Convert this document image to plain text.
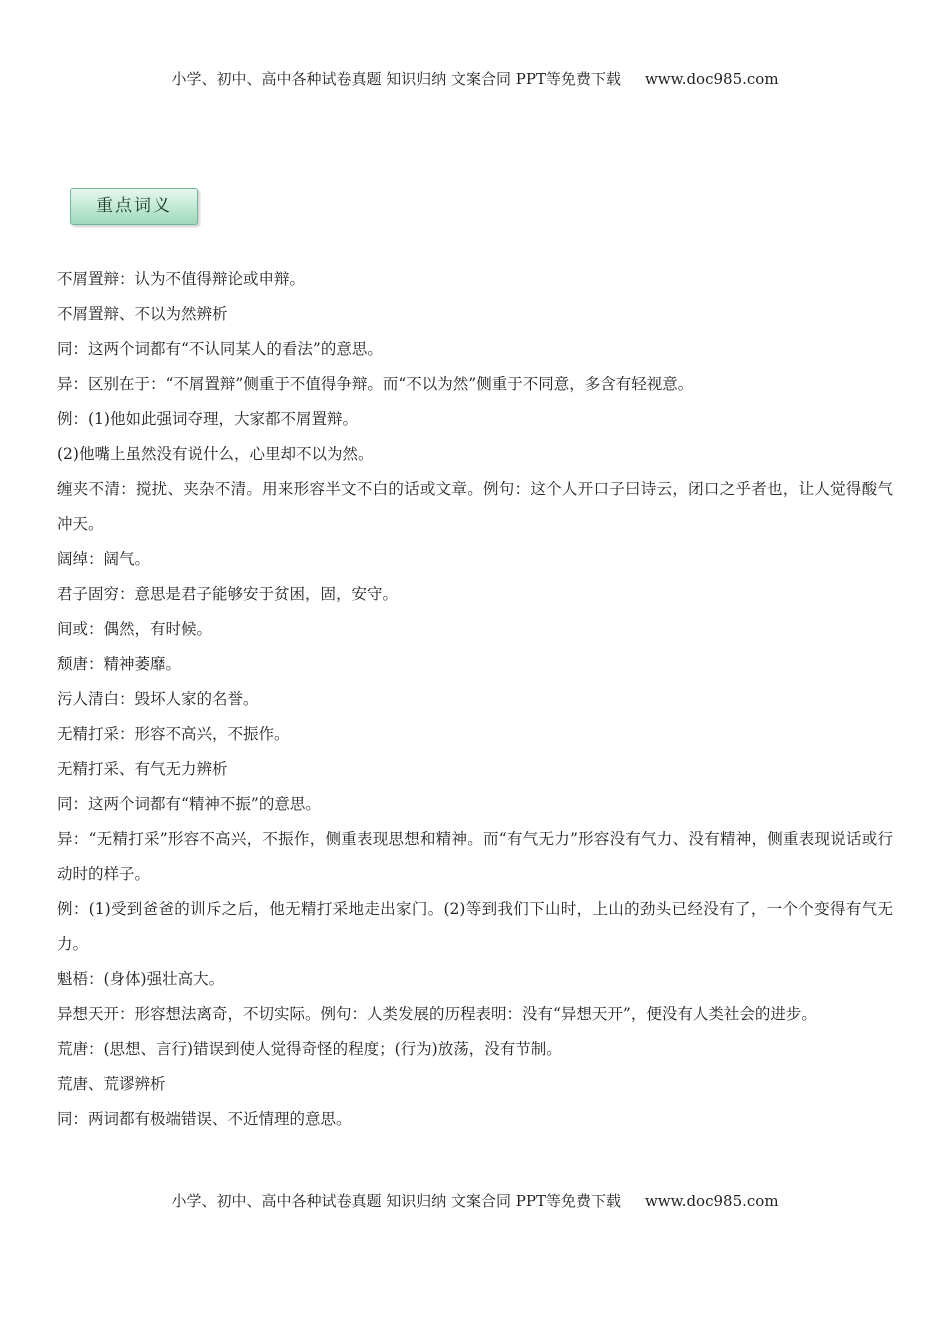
小学、初中、高中各种试卷真题 知识归纳 文案合同 PPT等免费下载 www.doc985.com
重点词义

不屑置辩：认为不值得辩论或申辩。

不屑置辩、不以为然辨析

同：这两个词都有“不认同某人的看法”的意思。

异：区别在于：“不屑置辩”侧重于不值得争辩。而“不以为然”侧重于不同意，多含有轻视意。

例：(1)他如此强词夺理，大家都不屑置辩。

(2)他嘴上虽然没有说什么，心里却不以为然。

缠夹不清：搅扰、夹杂不清。用来形容半文不白的话或文章。例句：这个人开口子曰诗云，闭口之乎者也，让人觉得酸气冲天。

阔绰：阔气。

君子固穷：意思是君子能够安于贫困，固，安守。

间或：偶然，有时候。

颓唐：精神萎靡。

污人清白：毁坏人家的名誉。

无精打采：形容不高兴，不振作。

无精打采、有气无力辨析

同：这两个词都有“精神不振”的意思。

异：“无精打采”形容不高兴，不振作，侧重表现思想和精神。而“有气无力”形容没有气力、没有精神，侧重表现说话或行动时的样子。

例：(1)受到爸爸的训斥之后，他无精打采地走出家门。(2)等到我们下山时，上山的劲头已经没有了，一个个变得有气无力。

魁梧：(身体)强壮高大。

异想天开：形容想法离奇，不切实际。例句：人类发展的历程表明：没有“异想天开”，便没有人类社会的进步。

荒唐：(思想、言行)错误到使人觉得奇怪的程度；(行为)放荡，没有节制。

荒唐、荒谬辨析

同：两词都有极端错误、不近情理的意思。

小学、初中、高中各种试卷真题 知识归纳 文案合同 PPT等免费下载 www.doc985.com
